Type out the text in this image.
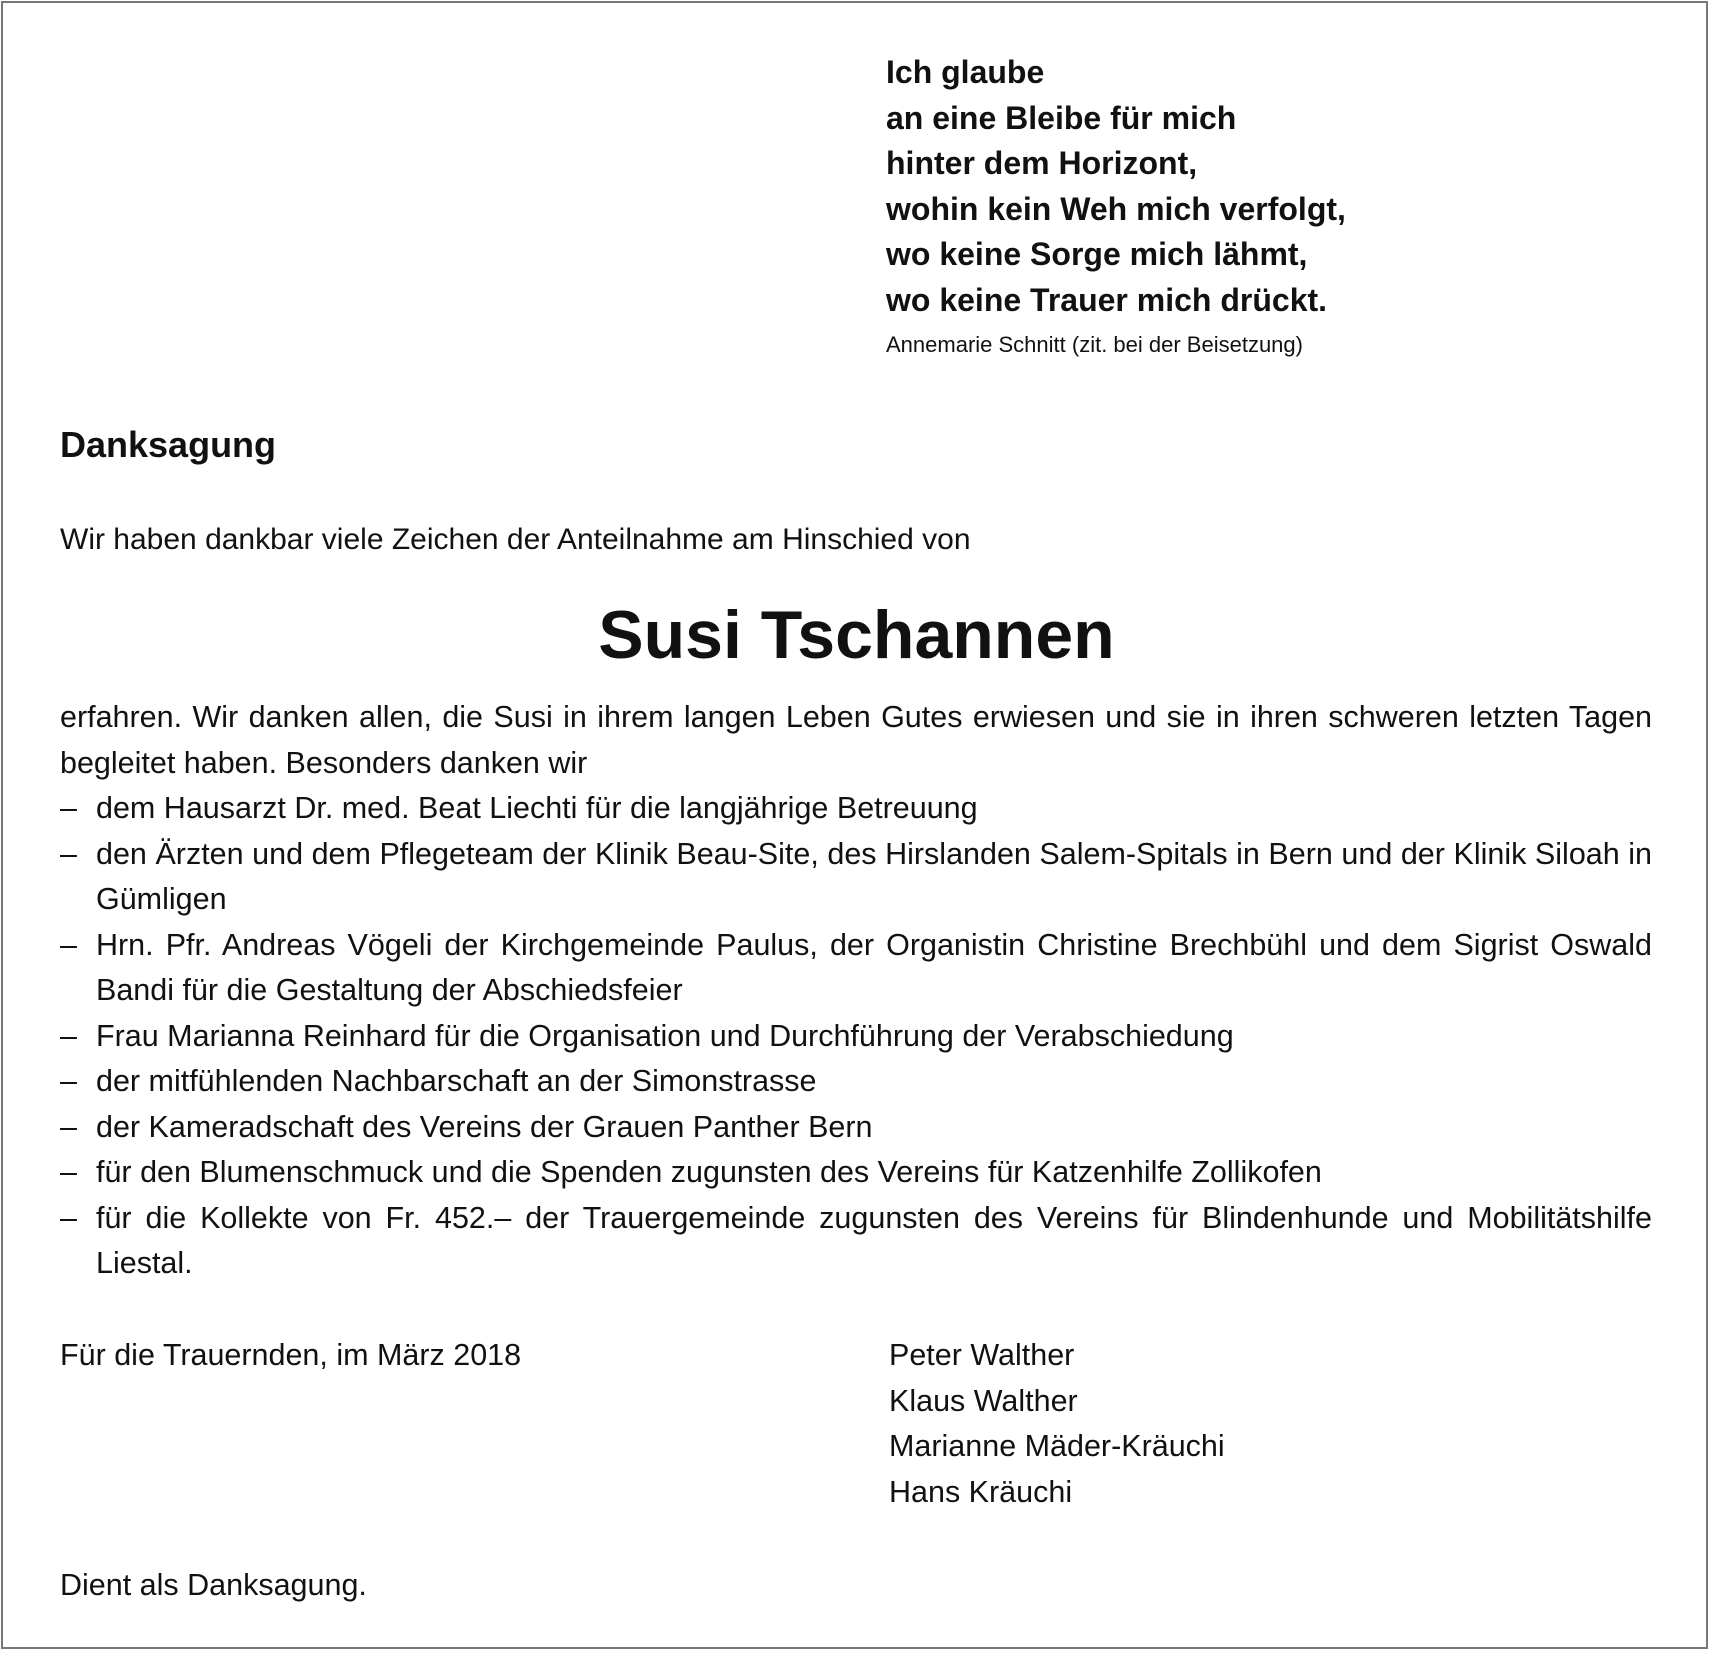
Ich glaube
an eine Bleibe für mich
hinter dem Horizont,
wohin kein Weh mich verfolgt,
wo keine Sorge mich lähmt,
wo keine Trauer mich drückt.
Annemarie Schnitt (zit. bei der Beisetzung)
Danksagung
Wir haben dankbar viele Zeichen der Anteilnahme am Hinschied von
Susi Tschannen

erfahren. Wir danken allen, die Susi in ihrem langen Leben Gutes erwiesen und sie in ihren schweren letzten Tagen begleitet haben. Besonders danken wir

– dem Hausarzt Dr. med. Beat Liechti für die langjährige Betreuung
– den Ärzten und dem Pflegeteam der Klinik Beau-Site, des Hirslanden Salem-Spitals in Bern und der Klinik Siloah in Gümligen
– Hrn. Pfr. Andreas Vögeli der Kirchgemeinde Paulus, der Organistin Christine Brechbühl und dem Sigrist Oswald Bandi für die Gestaltung der Abschiedsfeier
– Frau Marianna Reinhard für die Organisation und Durchführung der Verabschiedung
– der mitfühlenden Nachbarschaft an der Simonstrasse
– der Kameradschaft des Vereins der Grauen Panther Bern
– für den Blumenschmuck und die Spenden zugunsten des Vereins für Katzenhilfe Zollikofen
– für die Kollekte von Fr. 452.– der Trauergemeinde zugunsten des Vereins für Blindenhunde und Mobilitätshilfe Liestal.
Für die Trauernden, im März 2018	Peter Walther
Klaus Walther
Marianne Mäder-Kräuchi
Hans Kräuchi
Dient als Danksagung.
